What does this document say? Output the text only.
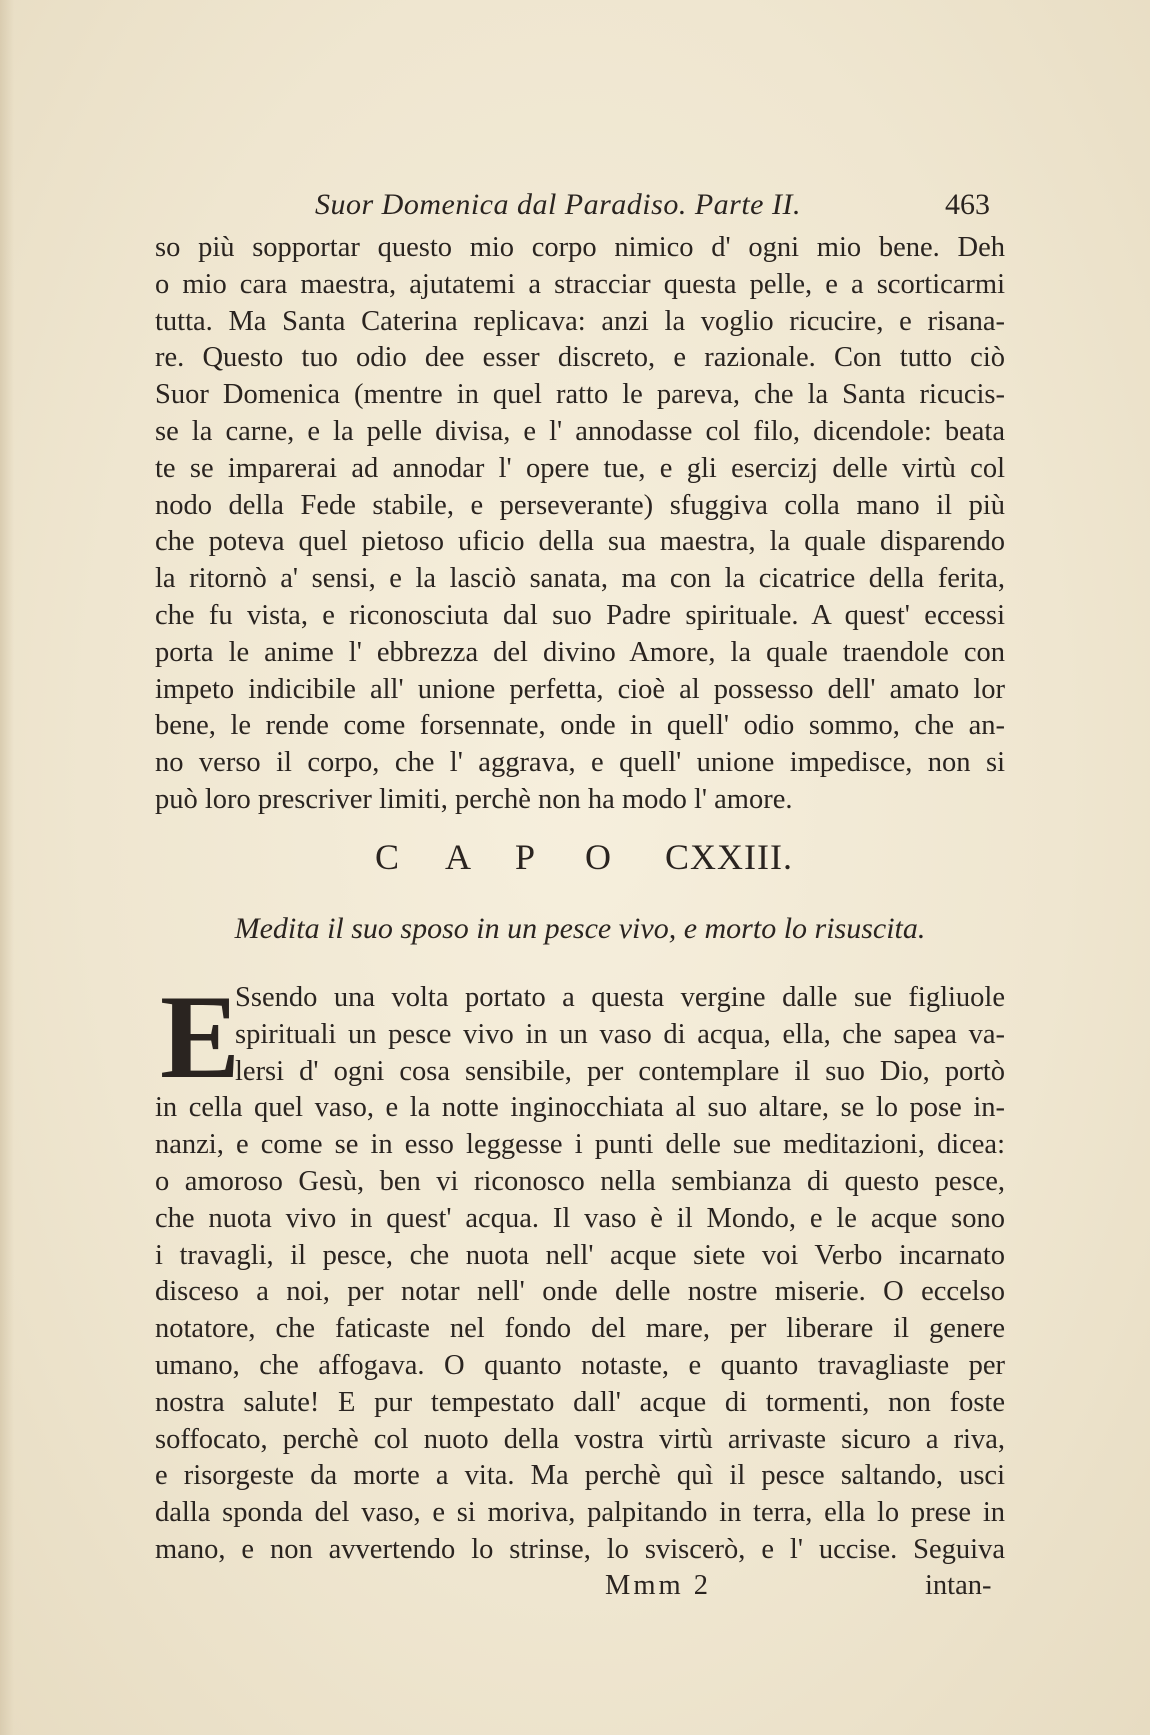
Suor Domenica dal Paradiso. Parte II.	463
so più sopportar questo mio corpo nimico d' ogni mio bene. Deh
o mio cara maestra, ajutatemi a stracciar questa pelle, e a scorticarmi
tutta. Ma Santa Caterina replicava: anzi la voglio ricucire, e risana-
re. Questo tuo odio dee esser discreto, e razionale. Con tutto ciò
Suor Domenica (mentre in quel ratto le pareva, che la Santa ricucis-
se la carne, e la pelle divisa, e l' annodasse col filo, dicendole: beata
te se imparerai ad annodar l' opere tue, e gli esercizj delle virtù col
nodo della Fede stabile, e perseverante) sfuggiva colla mano il più
che poteva quel pietoso uficio della sua maestra, la quale disparendo
la ritornò a' sensi, e la lasciò sanata, ma con la cicatrice della ferita,
che fu vista, e riconosciuta dal suo Padre spirituale. A quest' eccessi
porta le anime l' ebbrezza del divino Amore, la quale traendole con
impeto indicibile all' unione perfetta, cioè al possesso dell' amato lor
bene, le rende come forsennate, onde in quell' odio sommo, che an-
no verso il corpo, che l' aggrava, e quell' unione impedisce, non si
può loro prescriver limiti, perchè non ha modo l' amore.
C A P O CXXIII.
Medita il suo sposo in un pesce vivo, e morto lo risuscita.
E
Ssendo una volta portato a questa vergine dalle sue figliuole
spirituali un pesce vivo in un vaso di acqua, ella, che sapea va-
lersi d' ogni cosa sensibile, per contemplare il suo Dio, portò
in cella quel vaso, e la notte inginocchiata al suo altare, se lo pose in-
nanzi, e come se in esso leggesse i punti delle sue meditazioni, dicea:
o amoroso Gesù, ben vi riconosco nella sembianza di questo pesce,
che nuota vivo in quest' acqua. Il vaso è il Mondo, e le acque sono
i travagli, il pesce, che nuota nell' acque siete voi Verbo incarnato
disceso a noi, per notar nell' onde delle nostre miserie. O eccelso
notatore, che faticaste nel fondo del mare, per liberare il genere
umano, che affogava. O quanto notaste, e quanto travagliaste per
nostra salute! E pur tempestato dall' acque di tormenti, non foste
soffocato, perchè col nuoto della vostra virtù arrivaste sicuro a riva,
e risorgeste da morte a vita. Ma perchè quì il pesce saltando, usci
dalla sponda del vaso, e si moriva, palpitando in terra, ella lo prese in
mano, e non avvertendo lo strinse, lo sviscerò, e l' uccise. Seguiva
Mmm 2	intan-
